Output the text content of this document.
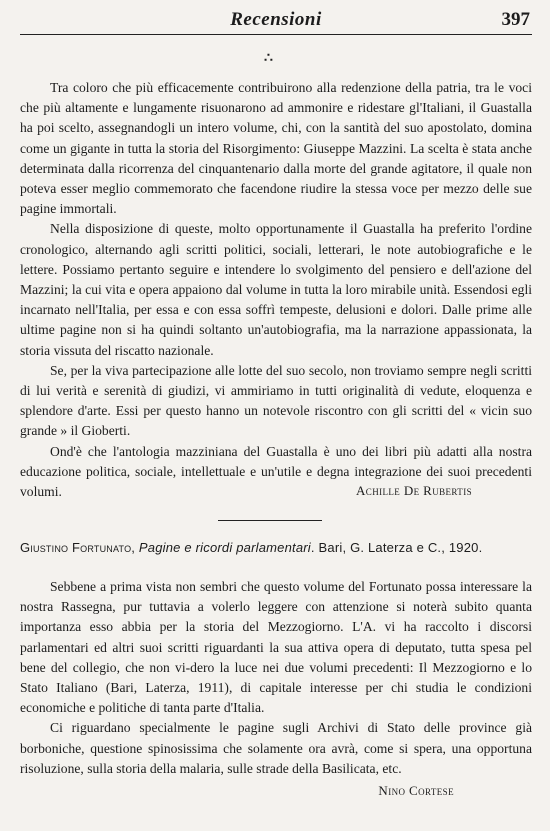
Recensioni	397
∴

Tra coloro che più efficacemente contribuirono alla redenzione della patria, tra le voci che più altamente e lungamente risuonarono ad ammonire e ridestare gl'Italiani, il Guastalla ha poi scelto, assegnandogli un intero volume, chi, con la santità del suo apostolato, domina come un gigante in tutta la storia del Risorgimento: Giuseppe Mazzini. La scelta è stata anche determinata dalla ricorrenza del cinquantenario dalla morte del grande agitatore, il quale non poteva esser meglio commemorato che facendone riudire la stessa voce per mezzo delle sue pagine immortali.

Nella disposizione di queste, molto opportunamente il Guastalla ha preferito l'ordine cronologico, alternando agli scritti politici, sociali, letterari, le note autobiografiche e le lettere. Possiamo pertanto seguire e intendere lo svolgimento del pensiero e dell'azione del Mazzini; la cui vita e opera appaiono dal volume in tutta la loro mirabile unità. Essendosi egli incarnato nell'Italia, per essa e con essa soffrì tempeste, delusioni e dolori. Dalle prime alle ultime pagine non si ha quindi soltanto un'autobiografia, ma la narrazione appassionata, la storia vissuta del riscatto nazionale.

Se, per la viva partecipazione alle lotte del suo secolo, non troviamo sempre negli scritti di lui verità e serenità di giudizi, vi ammiriamo in tutti originalità di vedute, eloquenza e splendore d'arte. Essi per questo hanno un notevole riscontro con gli scritti del « vicin suo grande » il Gioberti.

Ond'è che l'antologia mazziniana del Guastalla è uno dei libri più adatti alla nostra educazione politica, sociale, intellettuale e un'utile e degna integrazione dei suoi precedenti volumi.	Achille De Rubertis
Giustino Fortunato, Pagine e ricordi parlamentari. Bari, G. Laterza e C., 1920.

Sebbene a prima vista non sembri che questo volume del Fortunato possa interessare la nostra Rassegna, pur tuttavia a volerlo leggere con attenzione si noterà subito quanta importanza esso abbia per la storia del Mezzogiorno. L'A. vi ha raccolto i discorsi parlamentari ed altri suoi scritti riguardanti la sua attiva opera di deputato, tutta spesa pel bene del collegio, che non vi-dero la luce nei due volumi precedenti: Il Mezzogiorno e lo Stato Italiano (Bari, Laterza, 1911), di capitale interesse per chi studia le condizioni economiche e politiche di tanta parte d'Italia.

Ci riguardano specialmente le pagine sugli Archivi di Stato delle province già borboniche, questione spinosissima che solamente ora avrà, come si spera, una opportuna risoluzione, sulla storia della malaria, sulle strade della Basilicata, etc.

Nino Cortese
